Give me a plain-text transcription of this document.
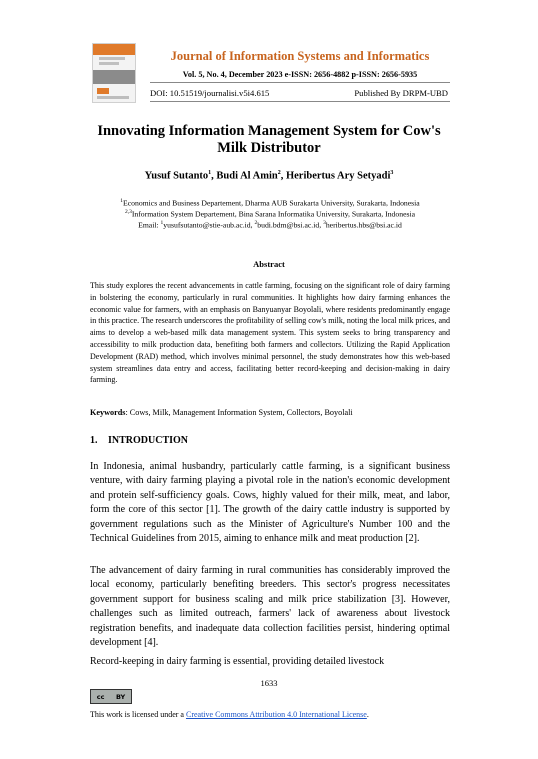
Journal of Information Systems and Informatics
Vol. 5, No. 4, December 2023 e-ISSN: 2656-4882 p-ISSN: 2656-5935
DOI: 10.51519/journalisi.v5i4.615	Published By DRPM-UBD
Innovating Information Management System for Cow's
Milk Distributor
Yusuf Sutanto$^1$, Budi Al Amin$^2$, Heribertus Ary Setyadi$^3$
$^1$Economics and Business Departement, Dharma AUB Surakarta University, Surakarta, Indonesia
$^{2,3}$Information System Departement, Bina Sarana Informatika University, Surakarta, Indonesia
Email: $^1$yusufsutanto@stie-aub.ac.id, $^2$budi.bdm@bsi.ac.id, $^3$heribertus.hbs@bsi.ac.id
Abstract
This study explores the recent advancements in cattle farming, focusing on the significant role of dairy farming in bolstering the economy, particularly in rural communities. It highlights how dairy farming enhances the economic value for farmers, with an emphasis on Banyuanyar Boyolali, where residents predominantly engage in this practice. The research underscores the profitability of selling cow's milk, noting the local milk prices, and aims to develop a web-based milk data management system. This system seeks to bring transparency and accessibility to milk production data, benefiting both farmers and collectors. Utilizing the Rapid Application Development (RAD) method, which involves minimal personnel, the study demonstrates how this web-based system streamlines data entry and access, facilitating better record-keeping and decision-making in dairy farming.
Keywords: Cows, Milk, Management Information System, Collectors, Boyolali
1. INTRODUCTION
In Indonesia, animal husbandry, particularly cattle farming, is a significant business venture, with dairy farming playing a pivotal role in the nation's economic development and protein self-sufficiency goals. Cows, highly valued for their milk, meat, and labor, form the core of this sector [1]. The growth of the dairy cattle industry is supported by government regulations such as the Minister of Agriculture's Number 100 and the Technical Guidelines from 2015, aiming to enhance milk and meat production [2].
The advancement of dairy farming in rural communities has considerably improved the local economy, particularly benefiting breeders. This sector's progress necessitates government support for business scaling and milk price stabilization [3]. However, challenges such as limited outreach, farmers' lack of awareness about livestock registration benefits, and inadequate data collection facilities persist, hindering optimal development [4].
Record-keeping in dairy farming is essential, providing detailed livestock
1633
cc BY
This work is licensed under a Creative Commons Attribution 4.0 International License.
